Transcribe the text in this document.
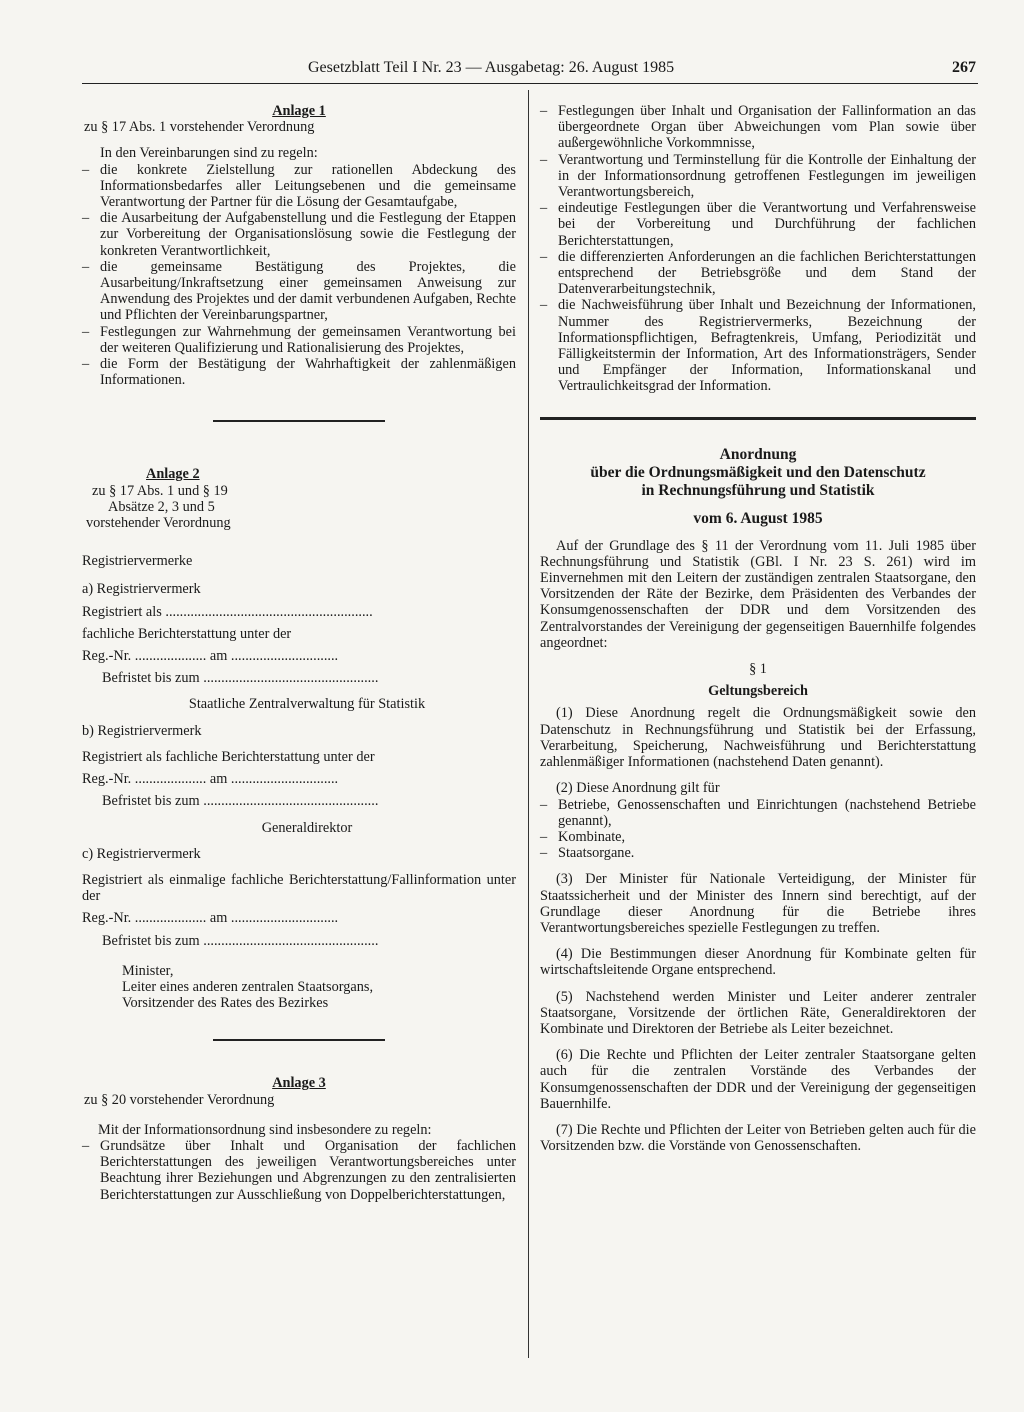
Gesetzblatt Teil I Nr. 23 — Ausgabetag: 26. August 1985	267

Anlage 1

zu § 17 Abs. 1 vorstehender Verordnung

In den Vereinbarungen sind zu regeln:

– die konkrete Zielstellung zur rationellen Abdeckung des Informationsbedarfes aller Leitungsebenen und die gemeinsame Verantwortung der Partner für die Lösung der Gesamtaufgabe,

– die Ausarbeitung der Aufgabenstellung und die Festlegung der Etappen zur Vorbereitung der Organisationslösung sowie die Festlegung der konkreten Verantwortlichkeit,

– die gemeinsame Bestätigung des Projektes, die Ausarbeitung/Inkraftsetzung einer gemeinsamen Anweisung zur Anwendung des Projektes und der damit verbundenen Aufgaben, Rechte und Pflichten der Vereinbarungspartner,

– Festlegungen zur Wahrnehmung der gemeinsamen Verantwortung bei der weiteren Qualifizierung und Rationalisierung des Projektes,

– die Form der Bestätigung der Wahrhaftigkeit der zahlenmäßigen Informationen.

Anlage 2

zu § 17 Abs. 1 und § 19

Absätze 2, 3 und 5

vorstehender Verordnung

Registriervermerke

a) Registriervermerk

Registriert als ..........................................................

fachliche Berichterstattung unter der

Reg.-Nr. .................... am ..............................

Befristet bis zum .................................................

Staatliche Zentralverwaltung für Statistik

b) Registriervermerk

Registriert als fachliche Berichterstattung unter der

Reg.-Nr. .................... am ..............................

Befristet bis zum .................................................

Generaldirektor

c) Registriervermerk

Registriert als einmalige fachliche Berichterstattung/Fallinformation unter der

Reg.-Nr. .................... am ..............................

Befristet bis zum .................................................

Minister,

Leiter eines anderen zentralen Staatsorgans,

Vorsitzender des Rates des Bezirkes

Anlage 3

zu § 20 vorstehender Verordnung

Mit der Informationsordnung sind insbesondere zu regeln:

– Grundsätze über Inhalt und Organisation der fachlichen Berichterstattungen des jeweiligen Verantwortungsbereiches unter Beachtung ihrer Beziehungen und Abgrenzungen zu den zentralisierten Berichterstattungen zur Ausschließung von Doppelberichterstattungen,

– Festlegungen über Inhalt und Organisation der Fallinformation an das übergeordnete Organ über Abweichungen vom Plan sowie über außergewöhnliche Vorkommnisse,

– Verantwortung und Terminstellung für die Kontrolle der Einhaltung der in der Informationsordnung getroffenen Festlegungen im jeweiligen Verantwortungsbereich,

– eindeutige Festlegungen über die Verantwortung und Verfahrensweise bei der Vorbereitung und Durchführung der fachlichen Berichterstattungen,

– die differenzierten Anforderungen an die fachlichen Berichterstattungen entsprechend der Betriebsgröße und dem Stand der Datenverarbeitungstechnik,

– die Nachweisführung über Inhalt und Bezeichnung der Informationen, Nummer des Registriervermerks, Bezeichnung der Informationspflichtigen, Befragtenkreis, Umfang, Periodizität und Fälligkeitstermin der Information, Art des Informationsträgers, Sender und Empfänger der Information, Informationskanal und Vertraulichkeitsgrad der Information.

Anordnung

über die Ordnungsmäßigkeit und den Datenschutz

in Rechnungsführung und Statistik

vom 6. August 1985

Auf der Grundlage des § 11 der Verordnung vom 11. Juli 1985 über Rechnungsführung und Statistik (GBl. I Nr. 23 S. 261) wird im Einvernehmen mit den Leitern der zuständigen zentralen Staatsorgane, den Vorsitzenden der Räte der Bezirke, dem Präsidenten des Verbandes der Konsumgenossenschaften der DDR und dem Vorsitzenden des Zentralvorstandes der Vereinigung der gegenseitigen Bauernhilfe folgendes angeordnet:

§ 1

Geltungsbereich

(1) Diese Anordnung regelt die Ordnungsmäßigkeit sowie den Datenschutz in Rechnungsführung und Statistik bei der Erfassung, Verarbeitung, Speicherung, Nachweisführung und Berichterstattung zahlenmäßiger Informationen (nachstehend Daten genannt).

(2) Diese Anordnung gilt für

– Betriebe, Genossenschaften und Einrichtungen (nachstehend Betriebe genannt),

– Kombinate,

– Staatsorgane.

(3) Der Minister für Nationale Verteidigung, der Minister für Staatssicherheit und der Minister des Innern sind berechtigt, auf der Grundlage dieser Anordnung für die Betriebe ihres Verantwortungsbereiches spezielle Festlegungen zu treffen.

(4) Die Bestimmungen dieser Anordnung für Kombinate gelten für wirtschaftsleitende Organe entsprechend.

(5) Nachstehend werden Minister und Leiter anderer zentraler Staatsorgane, Vorsitzende der örtlichen Räte, Generaldirektoren der Kombinate und Direktoren der Betriebe als Leiter bezeichnet.

(6) Die Rechte und Pflichten der Leiter zentraler Staatsorgane gelten auch für die zentralen Vorstände des Verbandes der Konsumgenossenschaften der DDR und der Vereinigung der gegenseitigen Bauernhilfe.

(7) Die Rechte und Pflichten der Leiter von Betrieben gelten auch für die Vorsitzenden bzw. die Vorstände von Genossenschaften.
